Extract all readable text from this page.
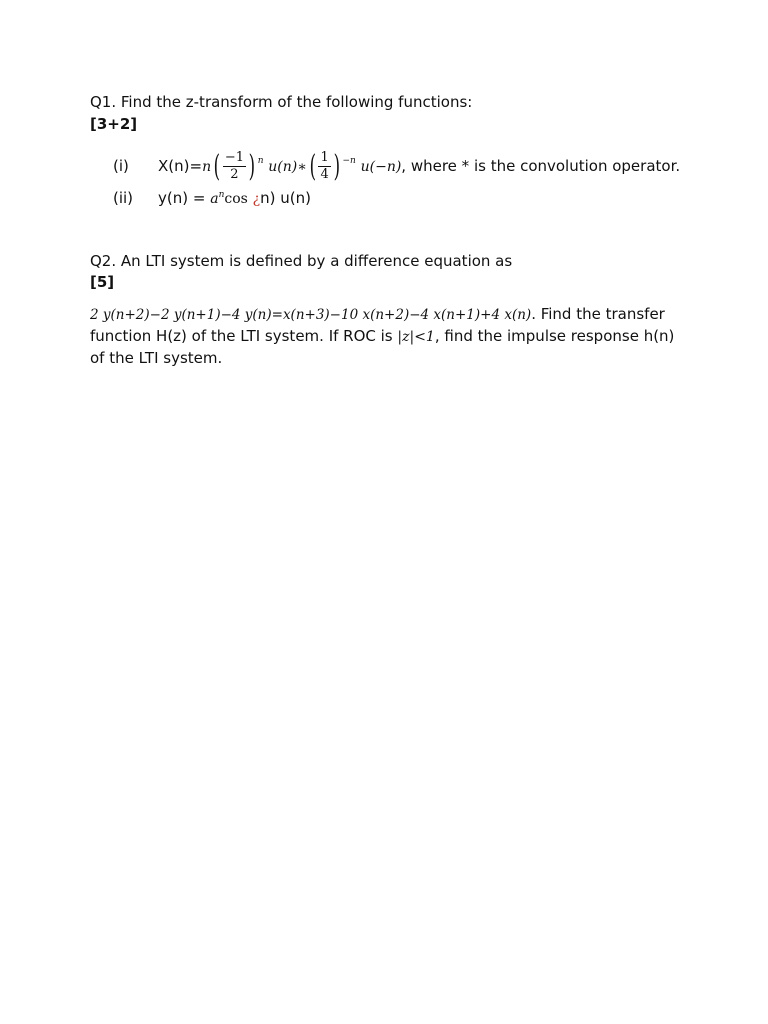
Q1. Find the z-transform of the following functions:
[3+2]
(i) $X(n)=n( \frac{-1}{2}$ ) $^n$ u(n)∗( $\frac{1}{4}$ ) $^{-n}$ u(−n), where * is the convolution operator.
(ii) $y(n) = a^n\cos$ ¿n) u(n)
Q2. An LTI system is defined by a difference equation as
[5]
2 y(n+2)−2 y(n+1)−4 y(n)=x(n+3)−10 x(n+2)−4 x(n+1)+4 x(n). Find the transfer
function H(z) of the LTI system. If ROC is |z|<1, find the impulse response h(n)
of the LTI system.
